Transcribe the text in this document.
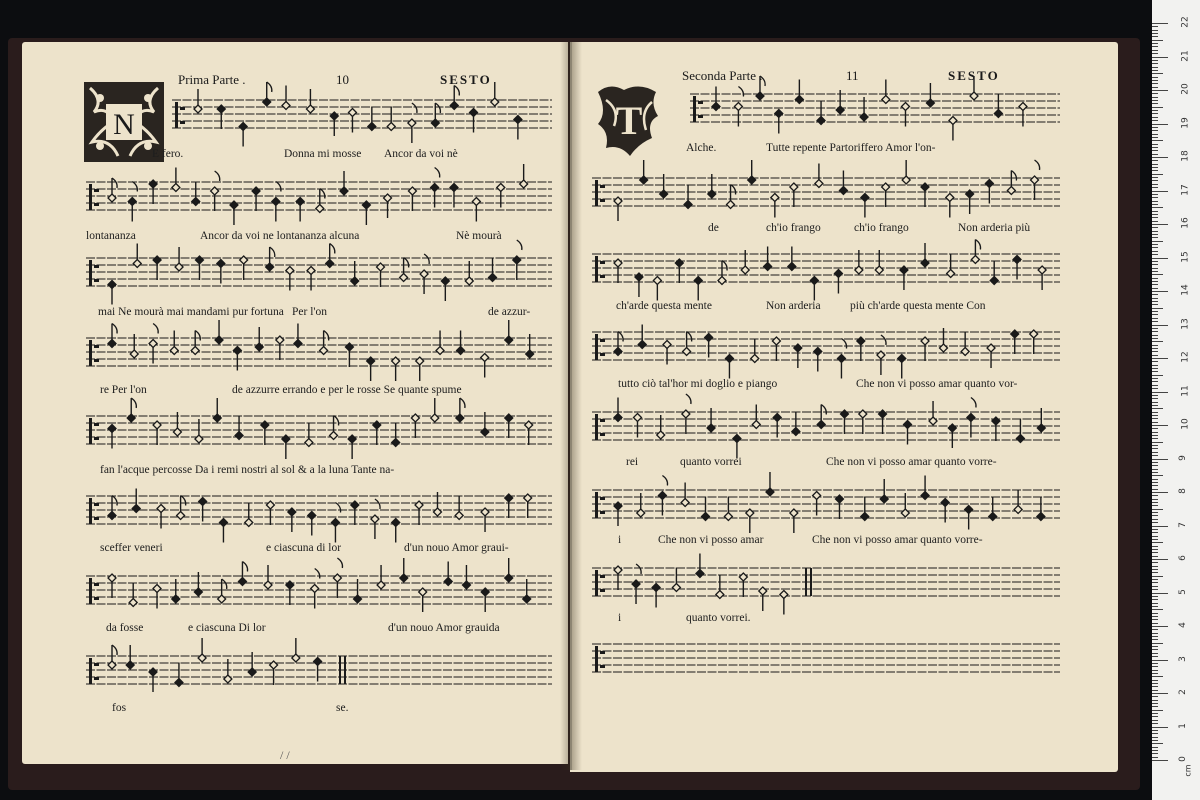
Prima Parte .	10	SESTO
N
E fero.	Donna mi mosse Ancor da voi nè
lontananza	Ancor da voi ne lontananza alcuna	Nè mourà
mai Ne mourà mai mandami pur fortuna Per l'on	de azzur-
re Per l'on	de azzurre errando e per le rosse Se quante spume
fan l'acque percosse Da i remi nostri al sol & a la luna Tante na-
sceffer veneri	e ciascuna di lor	d'un nouo Amor graui-
da fosse	e ciascuna Di lor	d'un nouo Amor grauida
fos	se.
Seconda Parte .	11	SESTO
T
Alche.	Tutte repente Partoriffero Amor l'on-
de	ch'io frango	ch'io frango	Non arderia più
ch'arde questa mente	Non arderia	più ch'arde questa mente Con
tutto ciò tal'hor mi doglio e piango	Che non vi posso amar quanto vor-
rei	quanto vorrei	Che non vi posso amar quanto vorre-
i	Che non vi posso amar	Che non vi posso amar quanto vorre-
i	quanto vorrei.
/ /	0
1
2
3
4
5
6
7
8
9
10
11
12
13
14
15
16
17
18
19
20
21
22
cm
